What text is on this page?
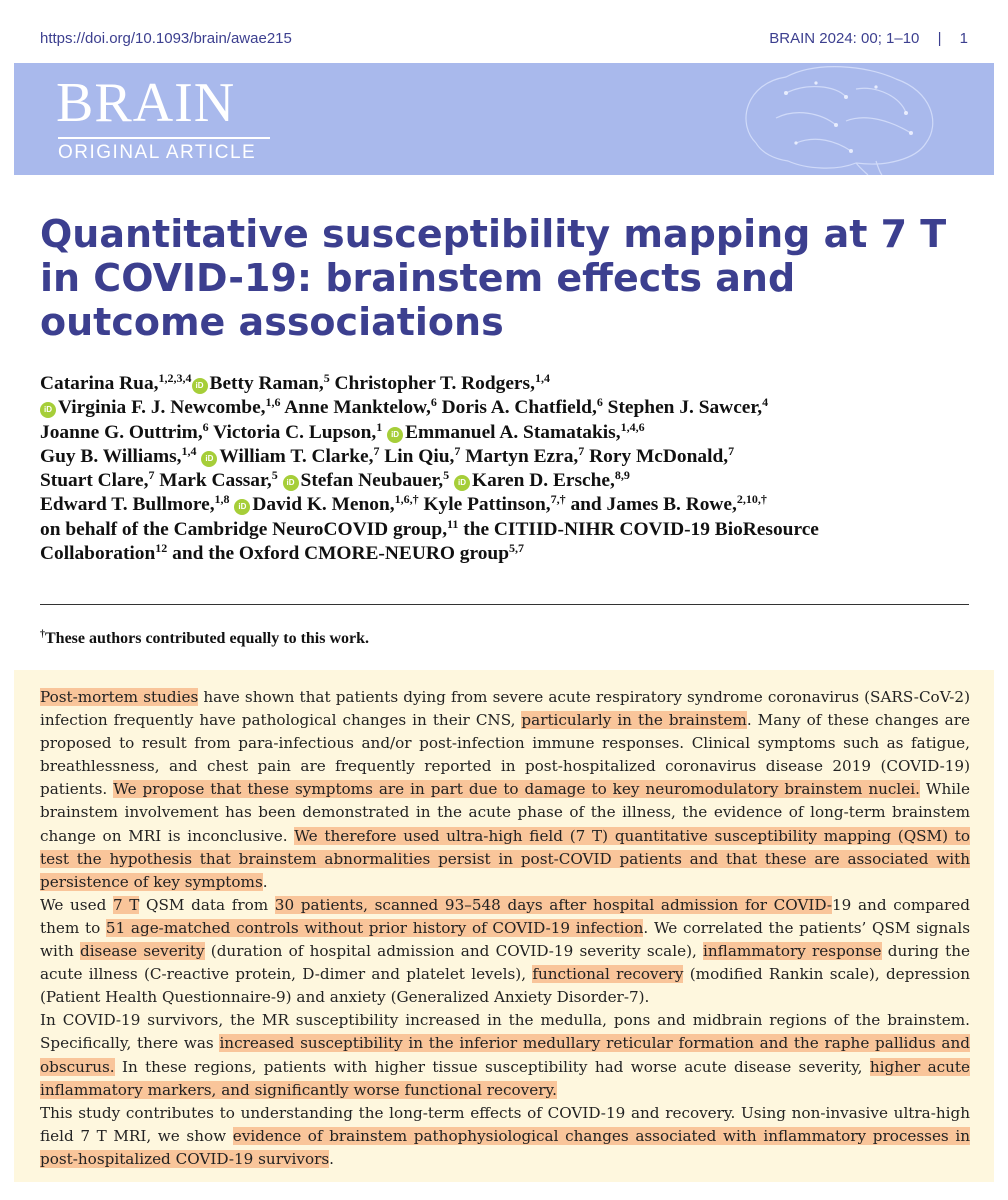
https://doi.org/10.1093/brain/awae215	BRAIN 2024: 00; 1–10 | 1
BRAIN
ORIGINAL ARTICLE
Quantitative susceptibility mapping at 7 T in COVID-19: brainstem effects and outcome associations
Catarina Rua,$^{1,2,3,4}$iD Betty Raman,$^5$ Christopher T. Rodgers,$^{1,4}$
iD Virginia F. J. Newcombe,$^{1,6}$ Anne Manktelow,$^6$ Doris A. Chatfield,$^6$ Stephen J. Sawcer,$^4$
Joanne G. Outtrim,$^6$ Victoria C. Lupson,$^1$ iD Emmanuel A. Stamatakis,$^{1,4,6}$
Guy B. Williams,$^{1,4}$ iD William T. Clarke,$^7$ Lin Qiu,$^7$ Martyn Ezra,$^7$ Rory McDonald,$^7$
Stuart Clare,$^7$ Mark Cassar,$^5$ iD Stefan Neubauer,$^5$ iD Karen D. Ersche,$^{8,9}$
Edward T. Bullmore,$^{1,8}$ iD David K. Menon,$^{1,6,\dagger}$ Kyle Pattinson,$^{7,\dagger}$ and James B. Rowe,$^{2,10,\dagger}$
on behalf of the Cambridge NeuroCOVID group,$^{11}$ the CITIID-NIHR COVID-19 BioResource
Collaboration$^{12}$ and the Oxford CMORE-NEURO group$^{5,7}$
†These authors contributed equally to this work.

Post-mortem studies have shown that patients dying from severe acute respiratory syndrome coronavirus (SARS-CoV-2) infection frequently have pathological changes in their CNS, particularly in the brainstem. Many of these changes are proposed to result from para-infectious and/or post-infection immune responses. Clinical symptoms such as fatigue, breathlessness, and chest pain are frequently reported in post-hospitalized coronavirus disease 2019 (COVID-19) patients. We propose that these symptoms are in part due to damage to key neuromodulatory brainstem nuclei. While brainstem involvement has been demonstrated in the acute phase of the illness, the evidence of long-term brainstem change on MRI is inconclusive. We therefore used ultra-high field (7 T) quantitative susceptibility mapping (QSM) to test the hypothesis that brainstem abnormalities persist in post-COVID patients and that these are associated with persistence of key symptoms.

We used 7 T QSM data from 30 patients, scanned 93–548 days after hospital admission for COVID-19 and compared them to 51 age-matched controls without prior history of COVID-19 infection. We correlated the patients’ QSM signals with disease severity (duration of hospital admission and COVID-19 severity scale), inflammatory response during the acute illness (C-reactive protein, D-dimer and platelet levels), functional recovery (modified Rankin scale), depression (Patient Health Questionnaire-9) and anxiety (Generalized Anxiety Disorder-7).

In COVID-19 survivors, the MR susceptibility increased in the medulla, pons and midbrain regions of the brainstem. Specifically, there was increased susceptibility in the inferior medullary reticular formation and the raphe pallidus and obscurus. In these regions, patients with higher tissue susceptibility had worse acute disease severity, higher acute inflammatory markers, and significantly worse functional recovery.

This study contributes to understanding the long-term effects of COVID-19 and recovery. Using non-invasive ultra-high field 7 T MRI, we show evidence of brainstem pathophysiological changes associated with inflammatory processes in post-hospitalized COVID-19 survivors.
